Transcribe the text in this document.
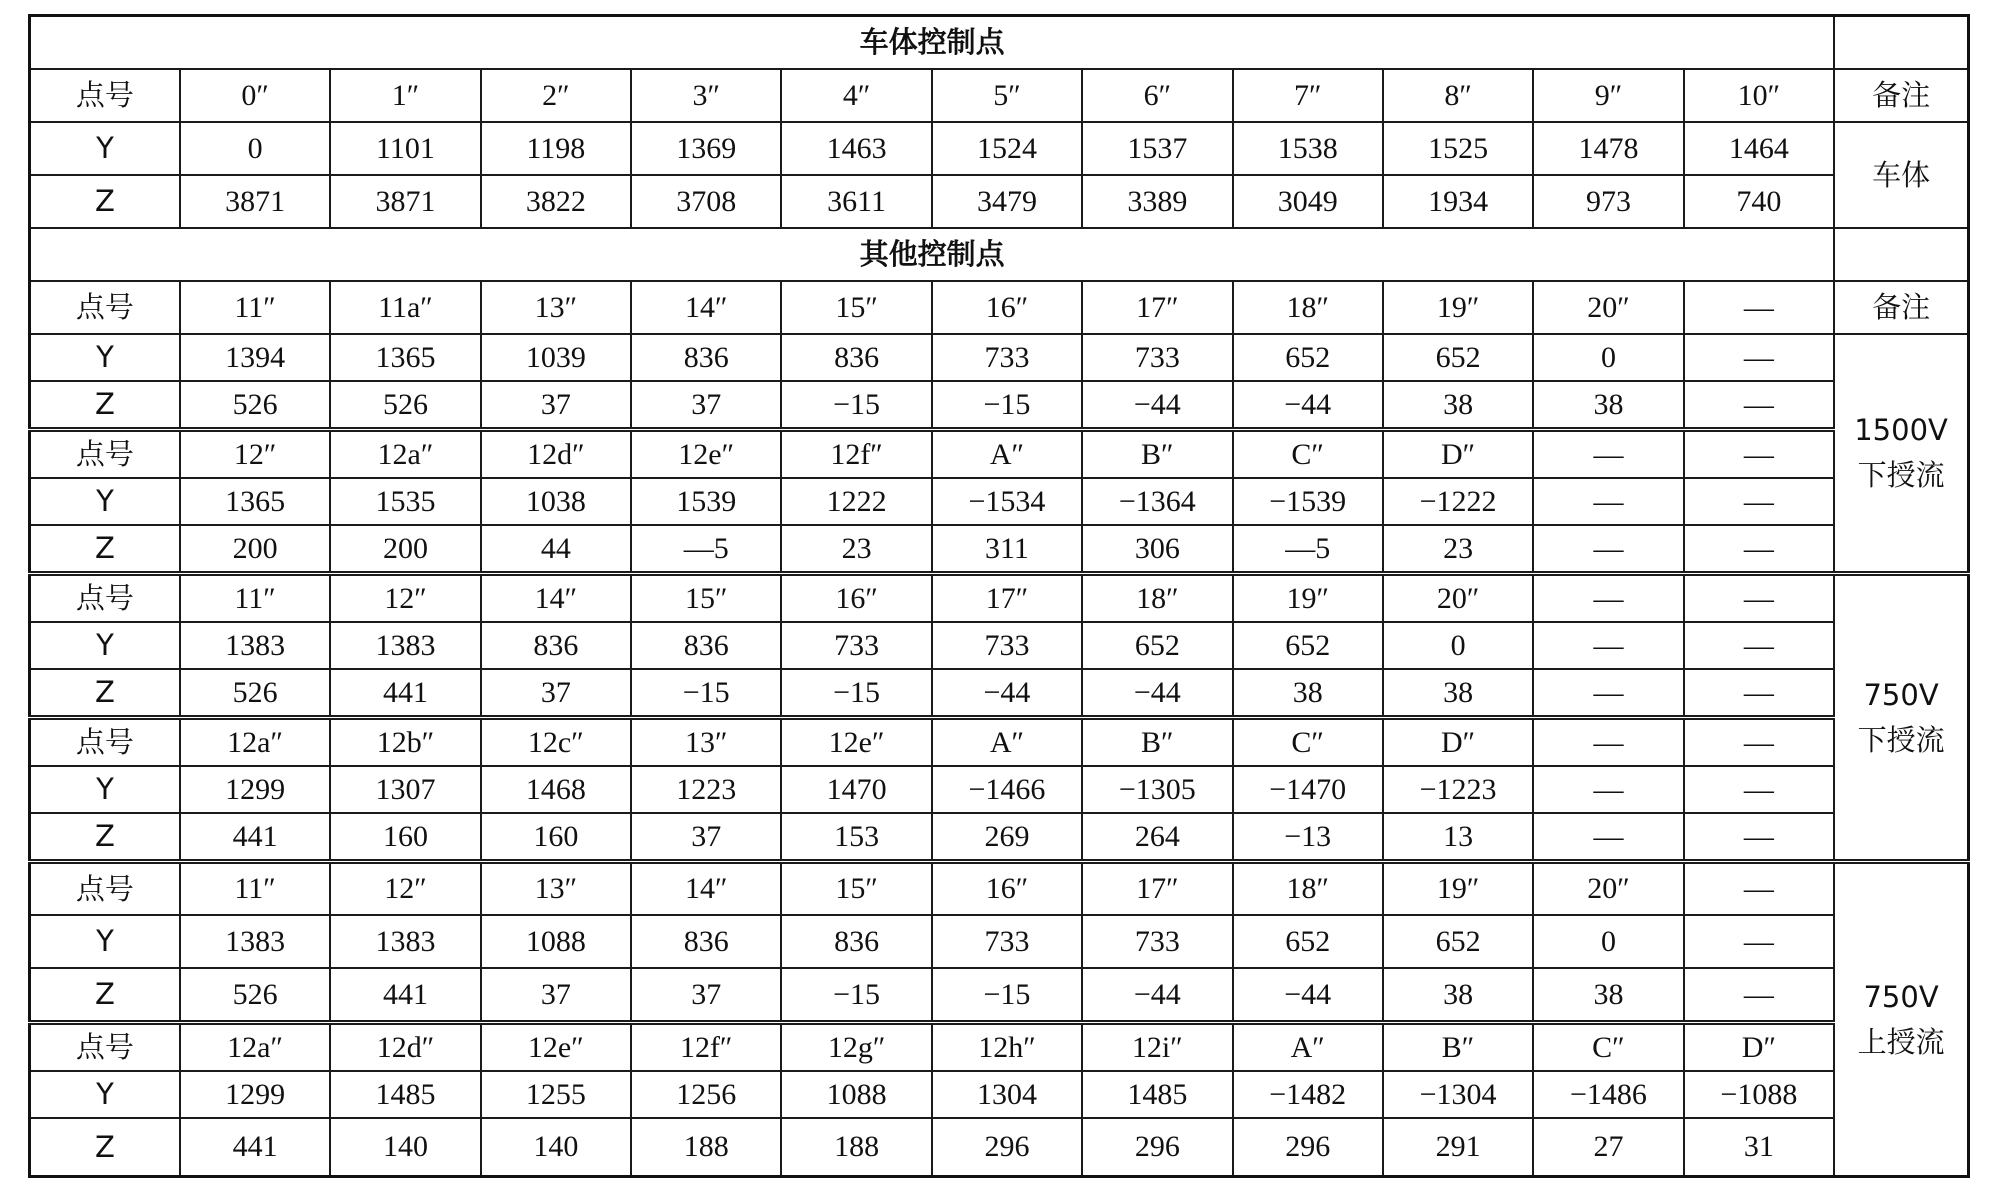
车体控制点												
点号	0″	1″	2″	3″	4″	5″	6″	7″	8″	9″	10″	备注
Y	0	1101	1198	1369	1463	1524	1537	1538	1525	1478	1464	车体
Z	3871	3871	3822	3708	3611	3479	3389	3049	1934	973	740	
其他控制点												
点号	11″	11a″	13″	14″	15″	16″	17″	18″	19″	20″	—	备注
Y	1394	1365	1039	836	836	733	733	652	652	0	—	1500V
下授流
Z	526	526	37	37	−15	−15	−44	−44	38	38	—	
点号	12″	12a″	12d″	12e″	12f″	A″	B″	C″	D″	—	—	
Y	1365	1535	1038	1539	1222	−1534	−1364	−1539	−1222	—	—	
Z	200	200	44	—5	23	311	306	—5	23	—	—	
点号	11″	12″	14″	15″	16″	17″	18″	19″	20″	—	—	750V
下授流
Y	1383	1383	836	836	733	733	652	652	0	—	—	
Z	526	441	37	−15	−15	−44	−44	38	38	—	—	
点号	12a″	12b″	12c″	13″	12e″	A″	B″	C″	D″	—	—	
Y	1299	1307	1468	1223	1470	−1466	−1305	−1470	−1223	—	—	
Z	441	160	160	37	153	269	264	−13	13	—	—	
点号	11″	12″	13″	14″	15″	16″	17″	18″	19″	20″	—	750V
上授流
Y	1383	1383	1088	836	836	733	733	652	652	0	—	
Z	526	441	37	37	−15	−15	−44	−44	38	38	—	
点号	12a″	12d″	12e″	12f″	12g″	12h″	12i″	A″	B″	C″	D″	
Y	1299	1485	1255	1256	1088	1304	1485	−1482	−1304	−1486	−1088	
Z	441	140	140	188	188	296	296	296	291	27	31	
